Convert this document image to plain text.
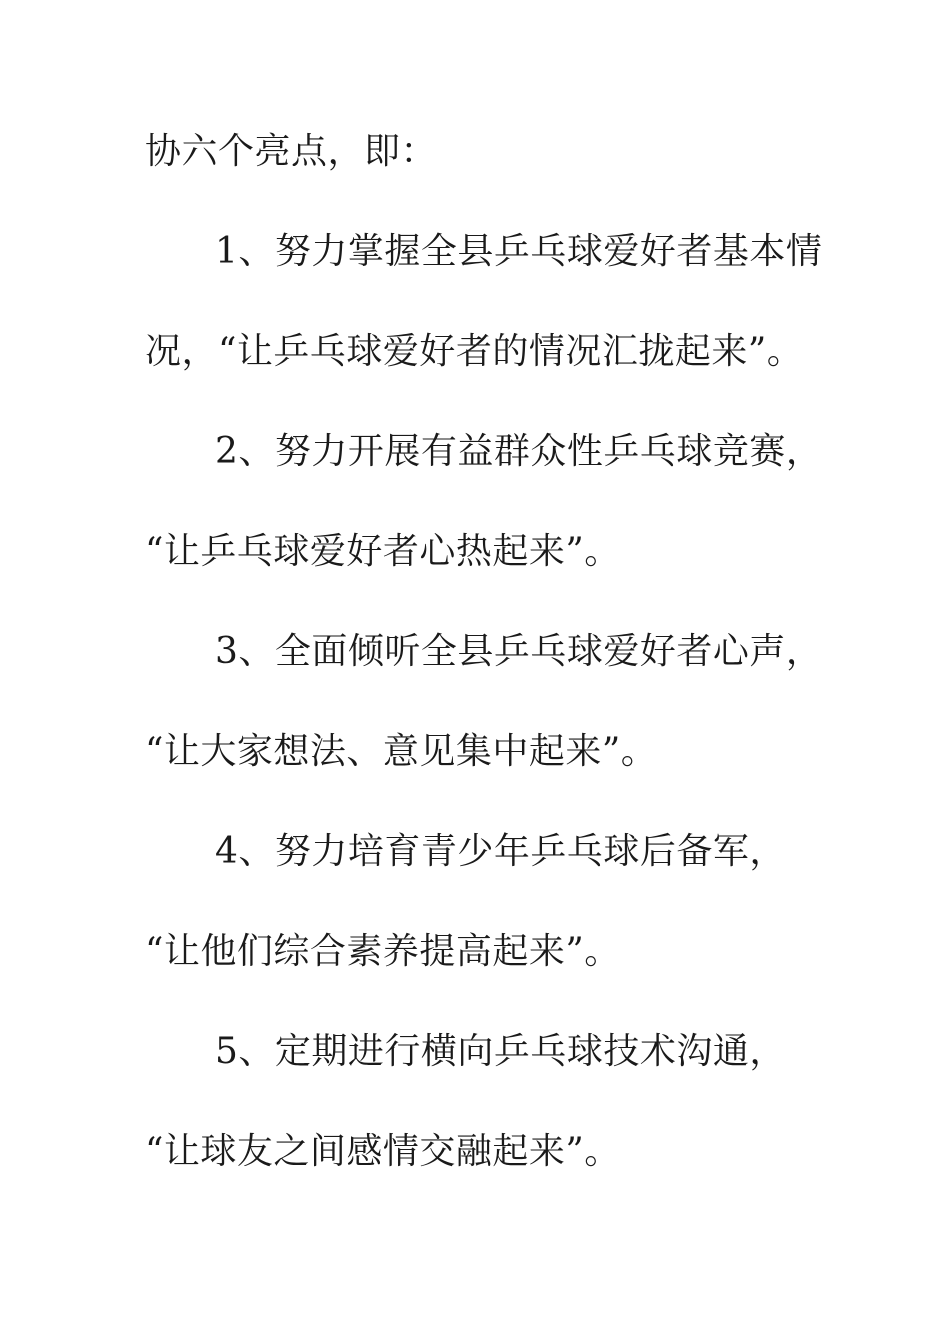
协六个亮点，即：
1、努力掌握全县乒乓球爱好者基本情
况，“让乒乓球爱好者的情况汇拢起来”。
2、努力开展有益群众性乒乓球竞赛，
“让乒乓球爱好者心热起来”。
3、全面倾听全县乒乓球爱好者心声，
“让大家想法、意见集中起来”。
4、努力培育青少年乒乓球后备军，
“让他们综合素养提高起来”。
5、定期进行横向乒乓球技术沟通，
“让球友之间感情交融起来”。
